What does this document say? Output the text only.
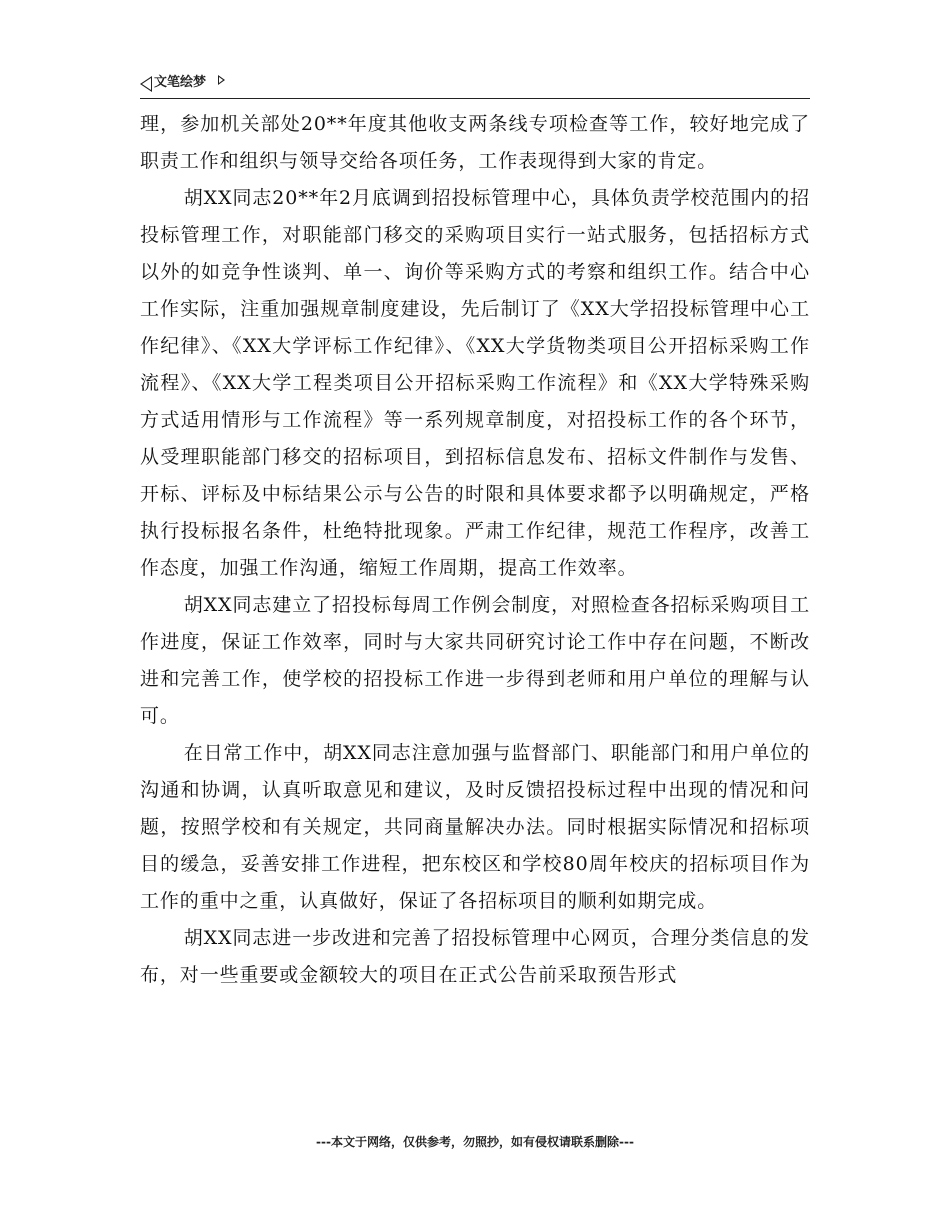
文笔绘梦

理，参加机关部处20**年度其他收支两条线专项检查等工作，较好地完成了职责工作和组织与领导交给各项任务，工作表现得到大家的肯定。

胡XX同志20**年2月底调到招投标管理中心，具体负责学校范围内的招投标管理工作，对职能部门移交的采购项目实行一站式服务，包括招标方式以外的如竞争性谈判、单一、询价等采购方式的考察和组织工作。结合中心工作实际，注重加强规章制度建设，先后制订了《XX大学招投标管理中心工作纪律》、《XX大学评标工作纪律》、《XX大学货物类项目公开招标采购工作流程》、《XX大学工程类项目公开招标采购工作流程》和《XX大学特殊采购方式适用情形与工作流程》等一系列规章制度，对招投标工作的各个环节，从受理职能部门移交的招标项目，到招标信息发布、招标文件制作与发售、开标、评标及中标结果公示与公告的时限和具体要求都予以明确规定，严格执行投标报名条件，杜绝特批现象。严肃工作纪律，规范工作程序，改善工作态度，加强工作沟通，缩短工作周期，提高工作效率。

胡XX同志建立了招投标每周工作例会制度，对照检查各招标采购项目工作进度，保证工作效率，同时与大家共同研究讨论工作中存在问题，不断改进和完善工作，使学校的招投标工作进一步得到老师和用户单位的理解与认可。

在日常工作中，胡XX同志注意加强与监督部门、职能部门和用户单位的沟通和协调，认真听取意见和建议，及时反馈招投标过程中出现的情况和问题，按照学校和有关规定，共同商量解决办法。同时根据实际情况和招标项目的缓急，妥善安排工作进程，把东校区和学校80周年校庆的招标项目作为工作的重中之重，认真做好，保证了各招标项目的顺利如期完成。

胡XX同志进一步改进和完善了招投标管理中心网页，合理分类信息的发布，对一些重要或金额较大的项目在正式公告前采取预告形式

---本文于网络，仅供参考，勿照抄，如有侵权请联系删除---
